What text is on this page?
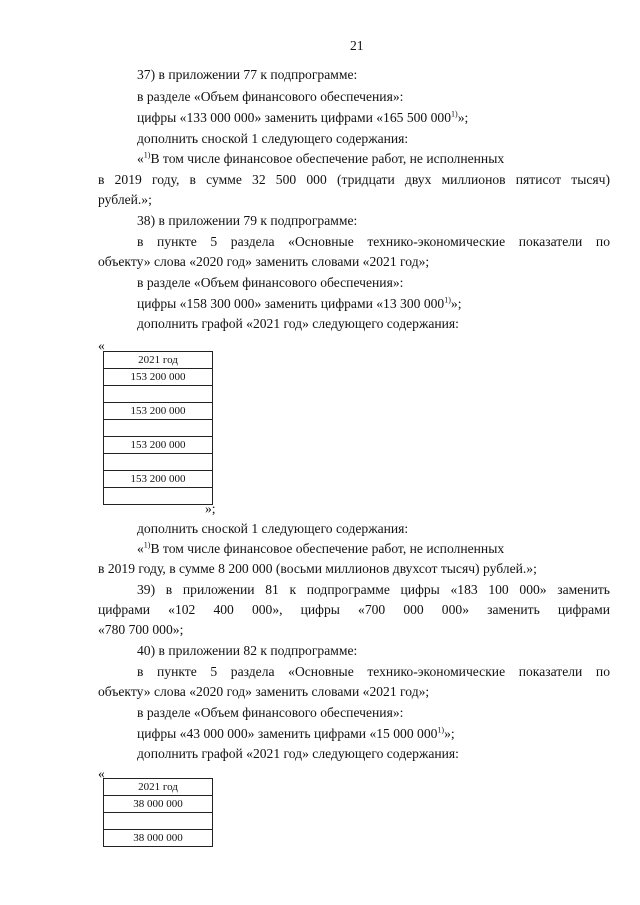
21
37) в приложении 77 к подпрограмме:
в разделе «Объем финансового обеспечения»:
цифры «133 000 000» заменить цифрами «165 500 000$^{1)}$»;
дополнить сноской 1 следующего содержания:
«$^{1)}$В том числе финансовое обеспечение работ, не исполненных
в 2019 году, в сумме 32 500 000 (тридцати двух миллионов пятисот тысяч)
рублей.»;
38) в приложении 79 к подпрограмме:
в пункте 5 раздела «Основные технико-экономические показатели по
объекту» слова «2020 год» заменить словами «2021 год»;
в разделе «Объем финансового обеспечения»:
цифры «158 300 000» заменить цифрами «13 300 000$^{1)}$»;
дополнить графой «2021 год» следующего содержания:
«
2021 год
153 200 000

153 200 000

153 200 000

153 200 000

»;
дополнить сноской 1 следующего содержания:
«$^{1)}$В том числе финансовое обеспечение работ, не исполненных
в 2019 году, в сумме 8 200 000 (восьми миллионов двухсот тысяч) рублей.»;
39) в приложении 81 к подпрограмме цифры «183 100 000» заменить
цифрами «102 400 000», цифры «700 000 000» заменить цифрами
«780 700 000»;
40) в приложении 82 к подпрограмме:
в пункте 5 раздела «Основные технико-экономические показатели по
объекту» слова «2020 год» заменить словами «2021 год»;
в разделе «Объем финансового обеспечения»:
цифры «43 000 000» заменить цифрами «15 000 000$^{1)}$»;
дополнить графой «2021 год» следующего содержания:
«
2021 год
38 000 000

38 000 000
